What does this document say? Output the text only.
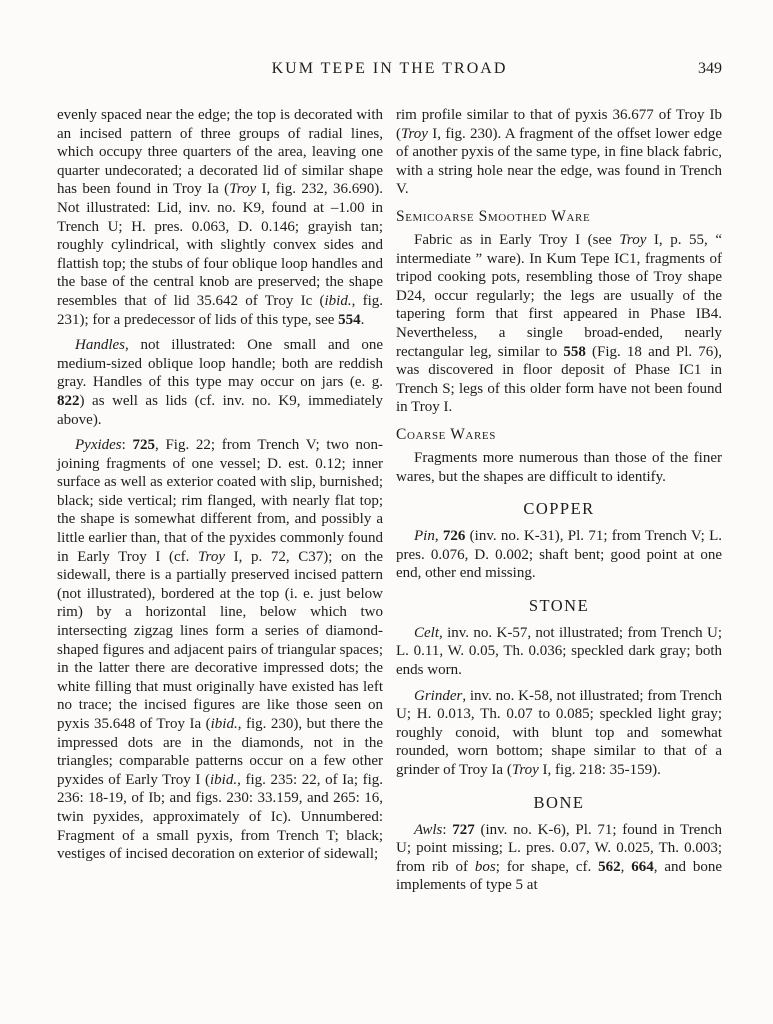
KUM TEPE IN THE TROAD	349

evenly spaced near the edge; the top is decorated with an incised pattern of three groups of radial lines, which occupy three quarters of the area, leaving one quarter undecorated; a decorated lid of similar shape has been found in Troy Ia (Troy I, fig. 232, 36.690). Not illustrated: Lid, inv. no. K9, found at –1.00 in Trench U; H. pres. 0.063, D. 0.146; grayish tan; roughly cylindrical, with slightly convex sides and flattish top; the stubs of four oblique loop handles and the base of the central knob are preserved; the shape resembles that of lid 35.642 of Troy Ic (ibid., fig. 231); for a predecessor of lids of this type, see 554.

Handles, not illustrated: One small and one medium-sized oblique loop handle; both are reddish gray. Handles of this type may occur on jars (e. g. 822) as well as lids (cf. inv. no. K9, immediately above).

Pyxides: 725, Fig. 22; from Trench V; two non-joining fragments of one vessel; D. est. 0.12; inner surface as well as exterior coated with slip, burnished; black; side vertical; rim flanged, with nearly flat top; the shape is somewhat different from, and possibly a little earlier than, that of the pyxides commonly found in Early Troy I (cf. Troy I, p. 72, C37); on the sidewall, there is a partially preserved incised pattern (not illustrated), bordered at the top (i. e. just below rim) by a horizontal line, below which two intersecting zigzag lines form a series of diamond-shaped figures and adjacent pairs of triangular spaces; in the latter there are decorative impressed dots; the white filling that must originally have existed has left no trace; the incised figures are like those seen on pyxis 35.648 of Troy Ia (ibid., fig. 230), but there the impressed dots are in the diamonds, not in the triangles; comparable patterns occur on a few other pyxides of Early Troy I (ibid., fig. 235: 22, of Ia; fig. 236: 18-19, of Ib; and figs. 230: 33.159, and 265: 16, twin pyxides, approximately of Ic). Unnumbered: Fragment of a small pyxis, from Trench T; black; vestiges of incised decoration on exterior of sidewall;

rim profile similar to that of pyxis 36.677 of Troy Ib (Troy I, fig. 230). A fragment of the offset lower edge of another pyxis of the same type, in fine black fabric, with a string hole near the edge, was found in Trench V.

Semicoarse Smoothed Ware

Fabric as in Early Troy I (see Troy I, p. 55, “ intermediate ” ware). In Kum Tepe IC1, fragments of tripod cooking pots, resembling those of Troy shape D24, occur regularly; the legs are usually of the tapering form that first appeared in Phase IB4. Nevertheless, a single broad-ended, nearly rectangular leg, similar to 558 (Fig. 18 and Pl. 76), was discovered in floor deposit of Phase IC1 in Trench S; legs of this older form have not been found in Troy I.

Coarse Wares

Fragments more numerous than those of the finer wares, but the shapes are difficult to identify.

COPPER

Pin, 726 (inv. no. K-31), Pl. 71; from Trench V; L. pres. 0.076, D. 0.002; shaft bent; good point at one end, other end missing.

STONE

Celt, inv. no. K-57, not illustrated; from Trench U; L. 0.11, W. 0.05, Th. 0.036; speckled dark gray; both ends worn.

Grinder, inv. no. K-58, not illustrated; from Trench U; H. 0.013, Th. 0.07 to 0.085; speckled light gray; roughly conoid, with blunt top and somewhat rounded, worn bottom; shape similar to that of a grinder of Troy Ia (Troy I, fig. 218: 35-159).

BONE

Awls: 727 (inv. no. K-6), Pl. 71; found in Trench U; point missing; L. pres. 0.07, W. 0.025, Th. 0.003; from rib of bos; for shape, cf. 562, 664, and bone implements of type 5 at
